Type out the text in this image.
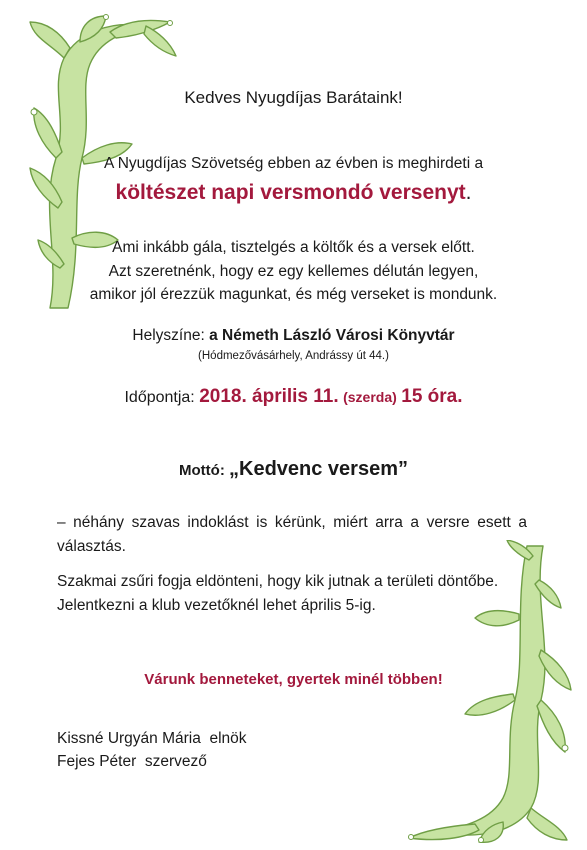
Kedves Nyugdíjas Barátaink!
A Nyugdíjas Szövetség ebben az évben is meghirdeti a
költészet napi versmondó versenyt.
Ami inkább gála, tisztelgés a költők és a versek előtt.
Azt szeretnénk, hogy ez egy kellemes délután legyen,
amikor jól érezzük magunkat, és még verseket is mondunk.
Helyszíne: a Németh László Városi Könyvtár
(Hódmezővásárhely, Andrássy út 44.)
Időpontja: 2018. április 11. (szerda) 15 óra.
Mottó: „Kedvenc versem”
– néhány szavas indoklást is kérünk, miért arra a versre esett a választás.
Szakmai zsűri fogja eldönteni, hogy kik jutnak a területi döntőbe.
Jelentkezni a klub vezetőknél lehet április 5-ig.
Várunk benneteket, gyertek minél többen!
Kissné Urgyán Mária  elnök
Fejes Péter  szervező
